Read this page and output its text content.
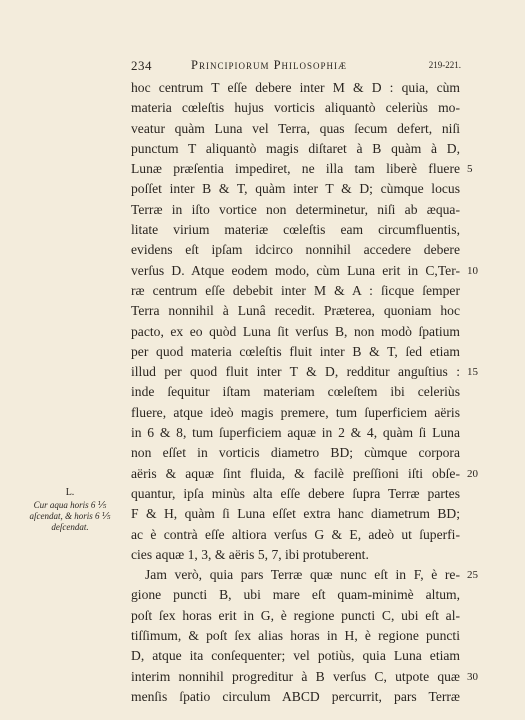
234	Principiorum Philosophiæ	219-221.
hoc centrum T eſſe debere inter M & D : quia, cùm
materia cœleſtis hujus vorticis aliquantò celeriùs mo-
veatur quàm Luna vel Terra, quas ſecum defert, niſi
punctum T aliquantò magis diſtaret à B quàm à D,
Lunæ præſentia impediret, ne illa tam liberè fluere
poſſet inter B & T, quàm inter T & D; cùmque locus
Terræ in iſto vortice non determinetur, niſi ab æqua-
litate virium materiæ cœleſtis eam circumfluentis,
evidens eſt ipſam idcirco nonnihil accedere debere
verſus D. Atque eodem modo, cùm Luna erit in C,Ter-
ræ centrum eſſe debebit inter M & A : ſicque ſemper
Terra nonnihil à Lunâ recedit. Præterea, quoniam hoc
pacto, ex eo quòd Luna ſit verſus B, non modò ſpatium
per quod materia cœleſtis fluit inter B & T, ſed etiam
illud per quod fluit inter T & D, redditur anguſtius :
inde ſequitur iſtam materiam cœleſtem ibi celeriùs
fluere, atque ideò magis premere, tum ſuperficiem aëris
in 6 & 8, tum ſuperficiem aquæ in 2 & 4, quàm ſi Luna
non eſſet in vorticis diametro BD; cùmque corpora
aëris & aquæ ſint fluida, & facilè preſſioni iſti obſe-
quantur, ipſa minùs alta eſſe debere ſupra Terræ partes
F & H, quàm ſi Luna eſſet extra hanc diametrum BD;
ac è contrà eſſe altiora verſus G & E, adeò ut ſuperfi-
cies aquæ 1, 3, & aëris 5, 7, ibi protuberent.
Jam verò, quia pars Terræ quæ nunc eſt in F, è re-
gione puncti B, ubi mare eſt quam-minimè altum,
poſt ſex horas erit in G, è regione puncti C, ubi eſt al-
tiſſimum, & poſt ſex alias horas in H, è regione puncti
D, atque ita conſequenter; vel potiùs, quia Luna etiam
interim nonnihil progreditur à B verſus C, utpote quæ
menſis ſpatio circulum ABCD percurrit, pars Terræ
5
10
15
20
25
30
L.
Cur aqua horis 6 ⅕ aſcendat, & horis 6 ⅕ deſcendat.
